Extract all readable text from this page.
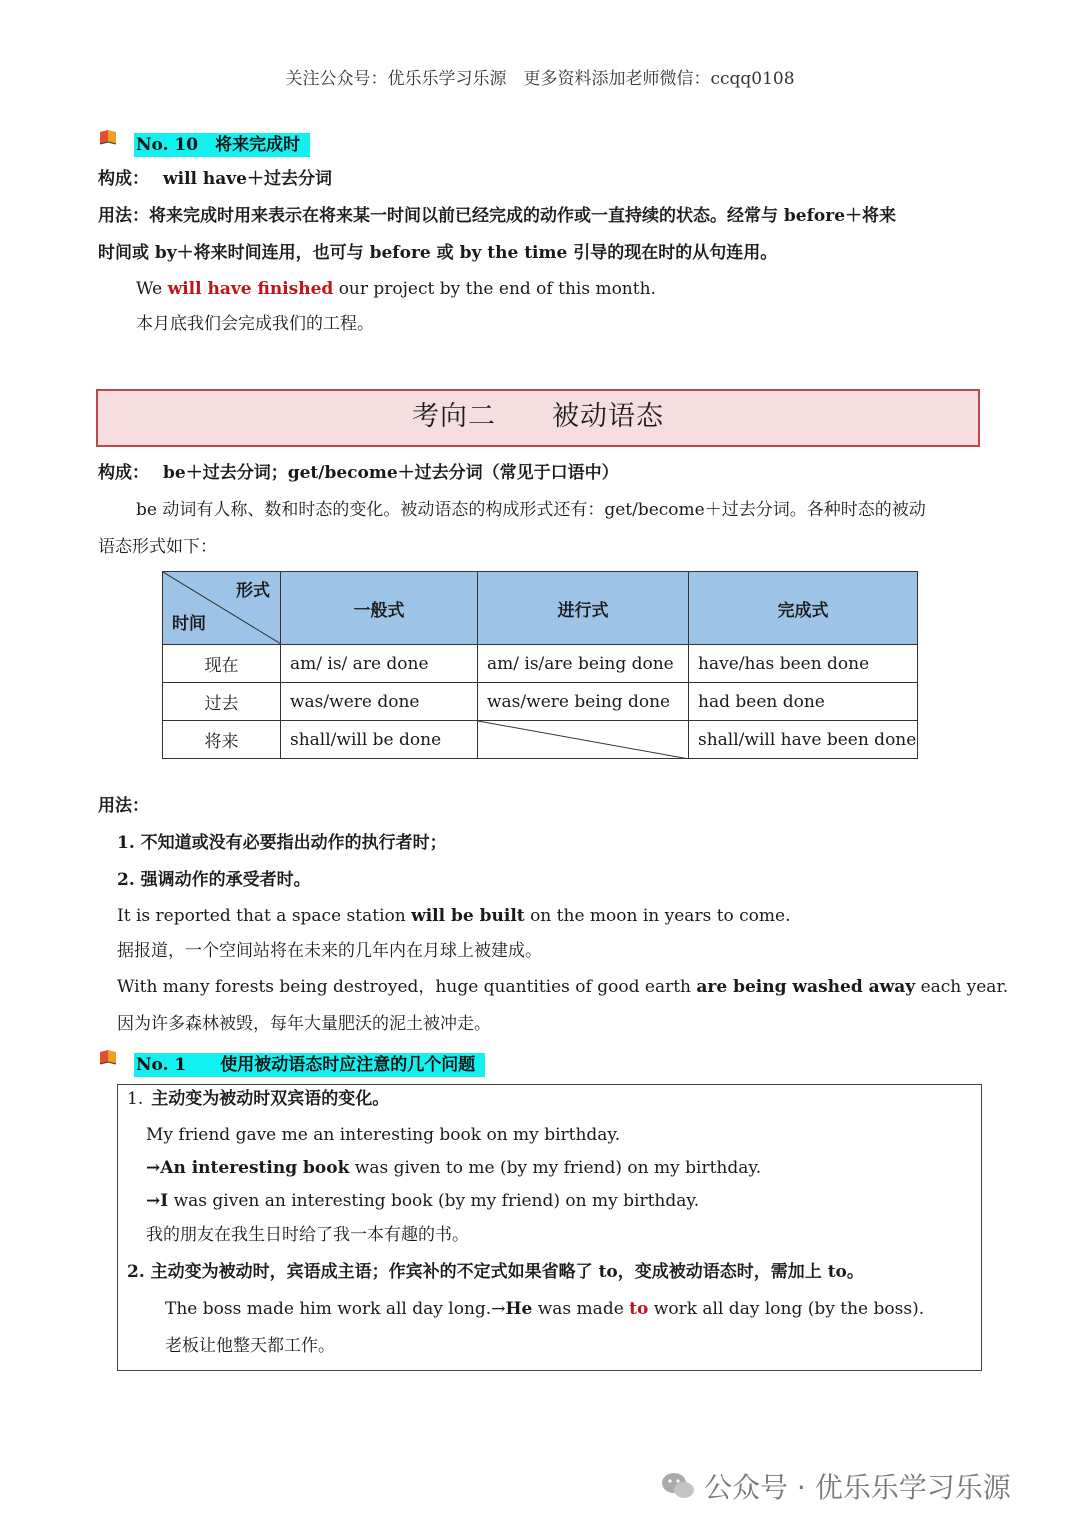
关注公众号：优乐乐学习乐源　更多资料添加老师微信：ccqq0108
No. 10　将来完成时
构成： will have＋过去分词
用法：将来完成时用来表示在将来某一时间以前已经完成的动作或一直持续的状态。经常与 before＋将来
时间或 by＋将来时间连用，也可与 before 或 by the time 引导的现在时的从句连用。
We will have finished our project by the end of this month.
本月底我们会完成我们的工程。
考向二　　被动语态
构成： be＋过去分词；get/become＋过去分词（常见于口语中）
be 动词有人称、数和时态的变化。被动语态的构成形式还有：get/become＋过去分词。各种时态的被动
语态形式如下：
形式
时间	一般式	进行式	完成式
现在	am/ is/ are done	am/ is/are being done	have/has been done
过去	was/were done	was/were being done	had been done
将来	shall/will be done		shall/will have been done
用法：
1. 不知道或没有必要指出动作的执行者时；
2. 强调动作的承受者时。
It is reported that a space station will be built on the moon in years to come.
据报道，一个空间站将在未来的几年内在月球上被建成。
With many forests being destroyed，huge quantities of good earth are being washed away each year.
因为许多森林被毁，每年大量肥沃的泥土被冲走。
No. 1　　使用被动语态时应注意的几个问题
1. 主动变为被动时双宾语的变化。
My friend gave me an interesting book on my birthday.
→An interesting book was given to me (by my friend) on my birthday.
→I was given an interesting book (by my friend) on my birthday.
我的朋友在我生日时给了我一本有趣的书。
2. 主动变为被动时，宾语成主语；作宾补的不定式如果省略了 to，变成被动语态时，需加上 to。
The boss made him work all day long.→He was made to work all day long (by the boss).
老板让他整天都工作。
公众号 · 优乐乐学习乐源
